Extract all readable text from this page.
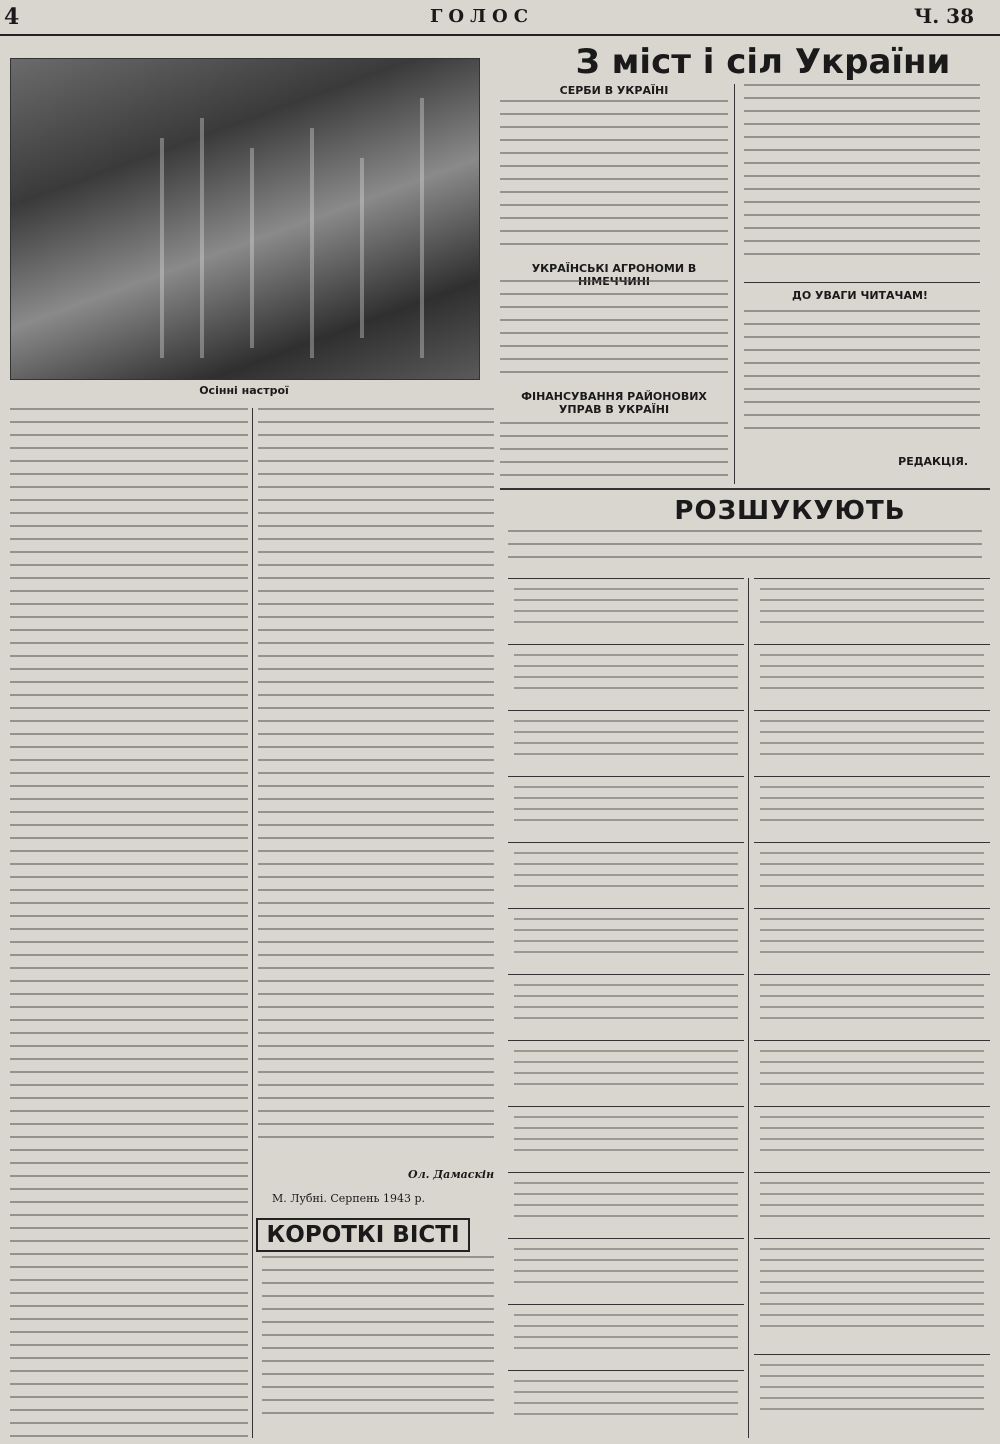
4	ГОЛОС	Ч. 38
Осінні настрої
З міст і сіл України
СЕРБИ В УКРАЇНІ
УКРАЇНСЬКІ АГРОНОМИ В
ФІНАНСУВАННЯ РАЙОНОВИХ УПРАВ В УКРАЇНІ
ДО УВАГИ ЧИТАЧАМ!
РЕДАКЦІЯ.
РОЗШУКУЮТЬ
Ол. Дамаскін
М. Лубні. Серпень 1943 р.
КОРОТКІ ВІСТІ
